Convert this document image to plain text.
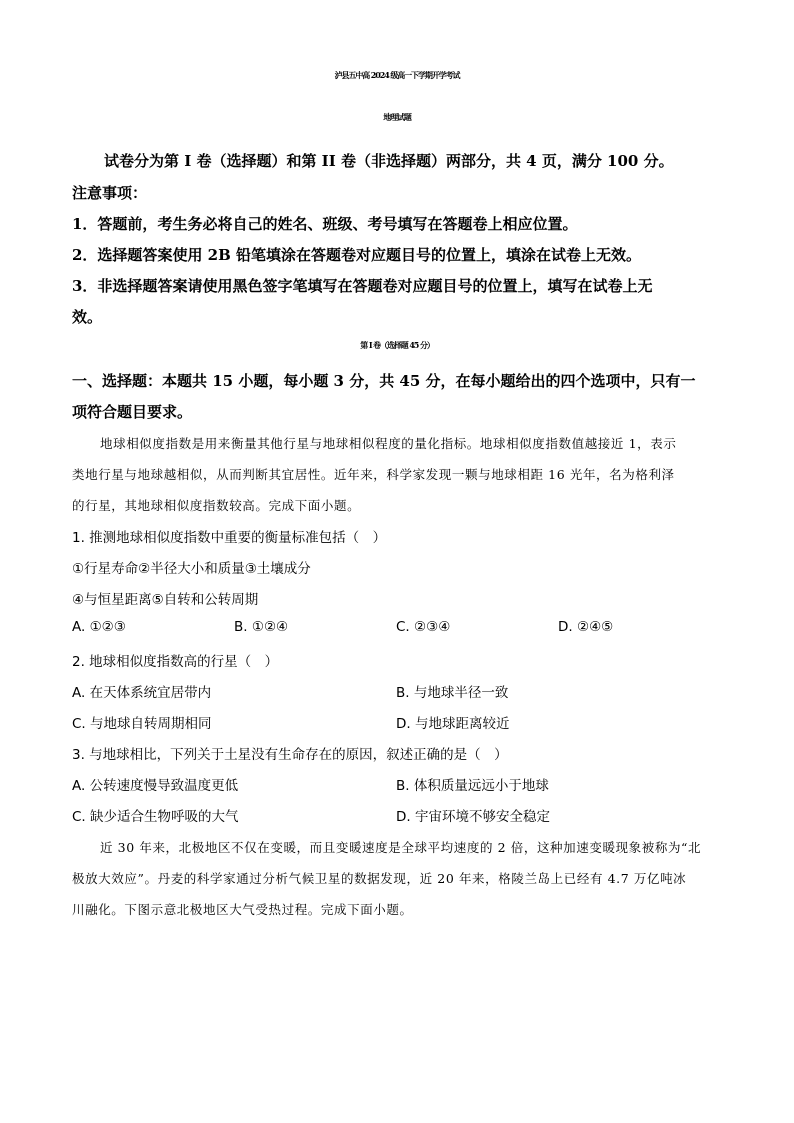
泸县五中高 2024 级高一下学期开学考试
地理试题
试卷分为第 I 卷（选择题）和第 II 卷（非选择题）两部分，共 4 页，满分 100 分。
注意事项：
1．答题前，考生务必将自己的姓名、班级、考号填写在答题卷上相应位置。
2．选择题答案使用 2B 铅笔填涂在答题卷对应题目号的位置上，填涂在试卷上无效。
3．非选择题答案请使用黑色签字笔填写在答题卷对应题目号的位置上，填写在试卷上无
效。
第 I 卷（选择题 45 分）
一、选择题：本题共 15 小题，每小题 3 分，共 45 分，在每小题给出的四个选项中，只有一
项符合题目要求。
地球相似度指数是用来衡量其他行星与地球相似程度的量化指标。地球相似度指数值越接近 1，表示
类地行星与地球越相似，从而判断其宜居性。近年来，科学家发现一颗与地球相距 16 光年，名为格利泽
的行星，其地球相似度指数较高。完成下面小题。
1. 推测地球相似度指数中重要的衡量标准包括（　）
①行星寿命②半径大小和质量③土壤成分
④与恒星距离⑤自转和公转周期
A. ①②③	B. ①②④	C. ②③④	D. ②④⑤
2. 地球相似度指数高的行星（　）
A. 在天体系统宜居带内	B. 与地球半径一致
C. 与地球自转周期相同	D. 与地球距离较近
3. 与地球相比，下列关于土星没有生命存在的原因，叙述正确的是（　）
A. 公转速度慢导致温度更低	B. 体积质量远远小于地球
C. 缺少适合生物呼吸的大气	D. 宇宙环境不够安全稳定
近 30 年来，北极地区不仅在变暖，而且变暖速度是全球平均速度的 2 倍，这种加速变暖现象被称为“北
极放大效应”。丹麦的科学家通过分析气候卫星的数据发现，近 20 年来，格陵兰岛上已经有 4.7 万亿吨冰
川融化。下图示意北极地区大气受热过程。完成下面小题。
